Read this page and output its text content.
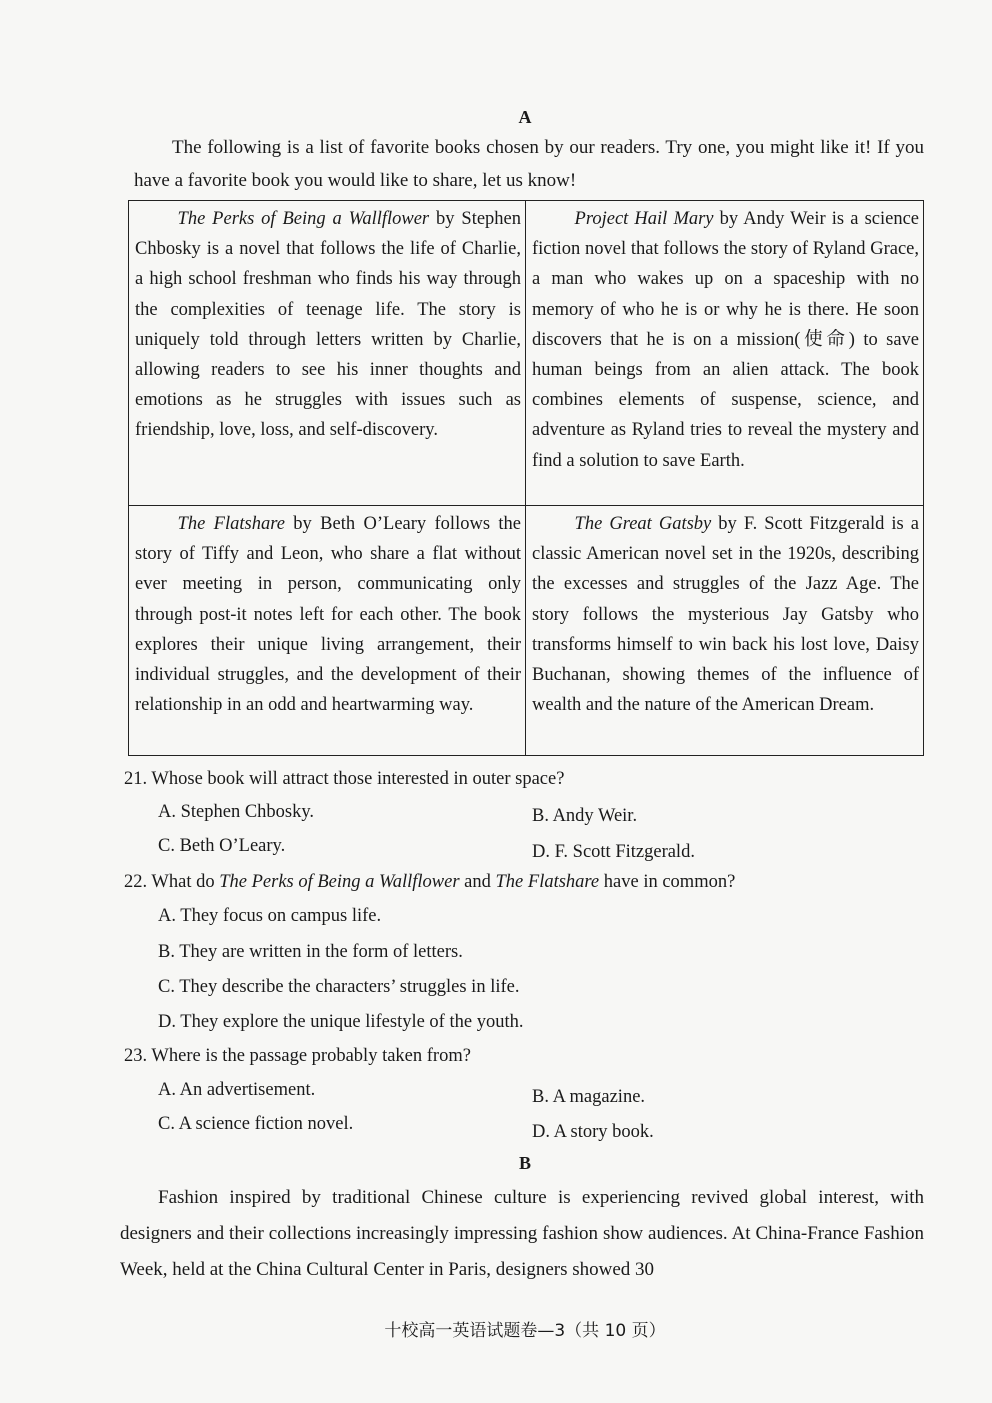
A

The following is a list of favorite books chosen by our readers. Try one, you might like it! If you have a favorite book you would like to share, let us know!

The Perks of Being a Wallflower by Stephen Chbosky is a novel that follows the life of Charlie, a high school freshman who finds his way through the complexities of teenage life. The story is uniquely told through letters written by Charlie, allowing readers to see his inner thoughts and emotions as he struggles with issues such as friendship, love, loss, and self-discovery.
Project Hail Mary by Andy Weir is a science fiction novel that follows the story of Ryland Grace, a man who wakes up on a spaceship with no memory of who he is or why he is there. He soon discovers that he is on a mission(使命) to save human beings from an alien attack. The book combines elements of suspense, science, and adventure as Ryland tries to reveal the mystery and find a solution to save Earth.
The Flatshare by Beth O’Leary follows the story of Tiffy and Leon, who share a flat without ever meeting in person, communicating only through post-it notes left for each other. The book explores their unique living arrangement, their individual struggles, and the development of their relationship in an odd and heartwarming way.
The Great Gatsby by F. Scott Fitzgerald is a classic American novel set in the 1920s, describing the excesses and struggles of the Jazz Age. The story follows the mysterious Jay Gatsby who transforms himself to win back his lost love, Daisy Buchanan, showing themes of the influence of wealth and the nature of the American Dream.
21. Whose book will attract those interested in outer space?
A. Stephen Chbosky.	B. Andy Weir.
C. Beth O’Leary.	D. F. Scott Fitzgerald.
22. What do The Perks of Being a Wallflower and The Flatshare have in common?
A. They focus on campus life.
B. They are written in the form of letters.
C. They describe the characters’ struggles in life.
D. They explore the unique lifestyle of the youth.
23. Where is the passage probably taken from?
A. An advertisement.	B. A magazine.
C. A science fiction novel.	D. A story book.
B

Fashion inspired by traditional Chinese culture is experiencing revived global interest, with designers and their collections increasingly impressing fashion show audiences. At China-France Fashion Week, held at the China Cultural Center in Paris, designers showed 30

十校高一英语试题卷—3（共 10 页）
